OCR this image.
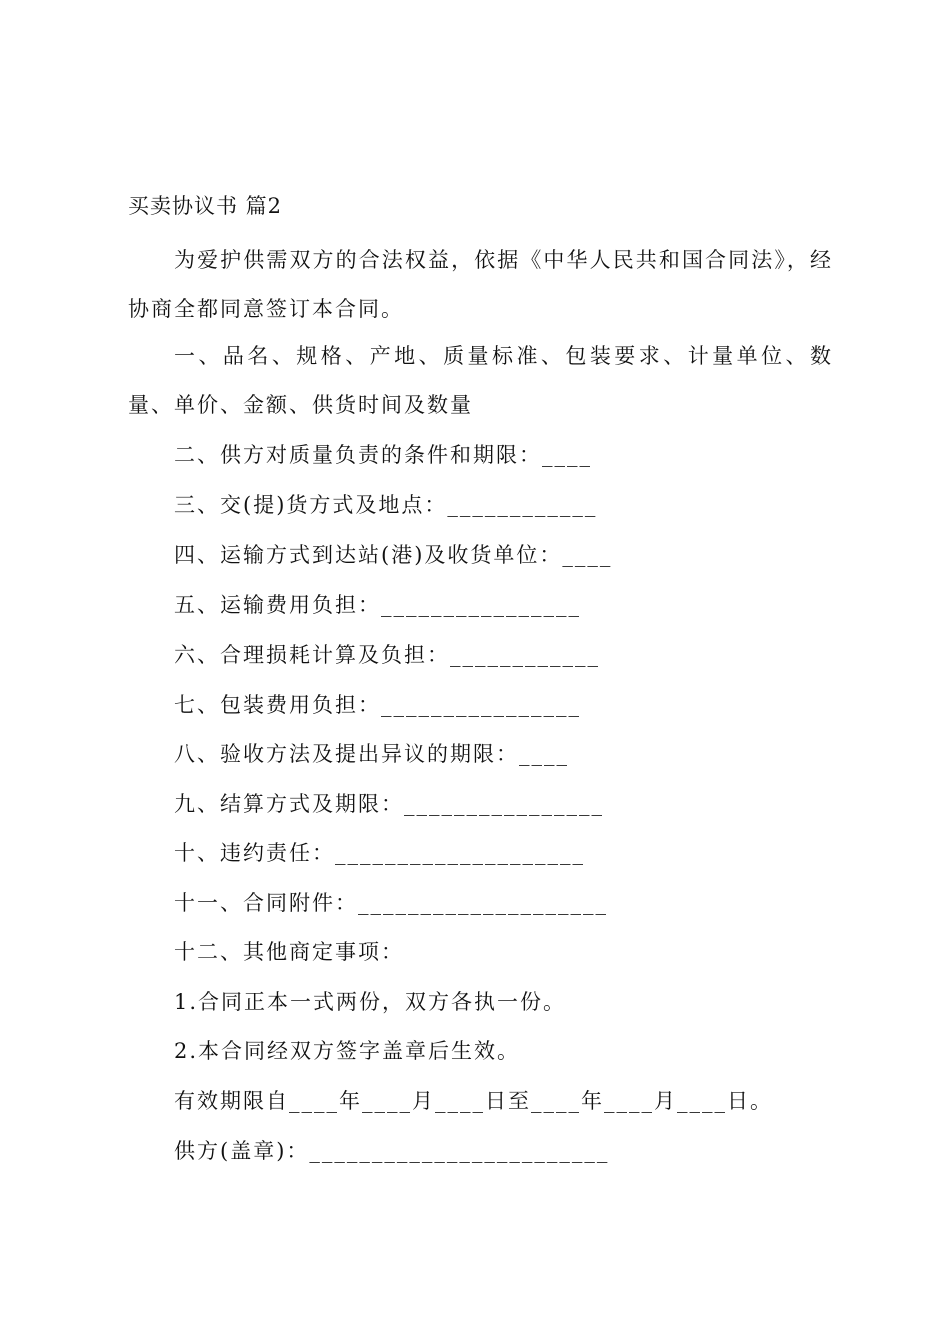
买卖协议书 篇2
为爱护供需双方的合法权益，依据《中华人民共和国合同法》，经协商全都同意签订本合同。
一、品名、规格、产地、质量标准、包装要求、计量单位、数量、单价、金额、供货时间及数量
二、供方对质量负责的条件和期限：____
三、交(提)货方式及地点：____________
四、运输方式到达站(港)及收货单位：____
五、运输费用负担：________________
六、合理损耗计算及负担：____________
七、包装费用负担：________________
八、验收方法及提出异议的期限：____
九、结算方式及期限：________________
十、违约责任：____________________
十一、合同附件：____________________
十二、其他商定事项：
1.合同正本一式两份，双方各执一份。
2.本合同经双方签字盖章后生效。
有效期限自____年____月____日至____年____月____日。
供方(盖章)：________________________
